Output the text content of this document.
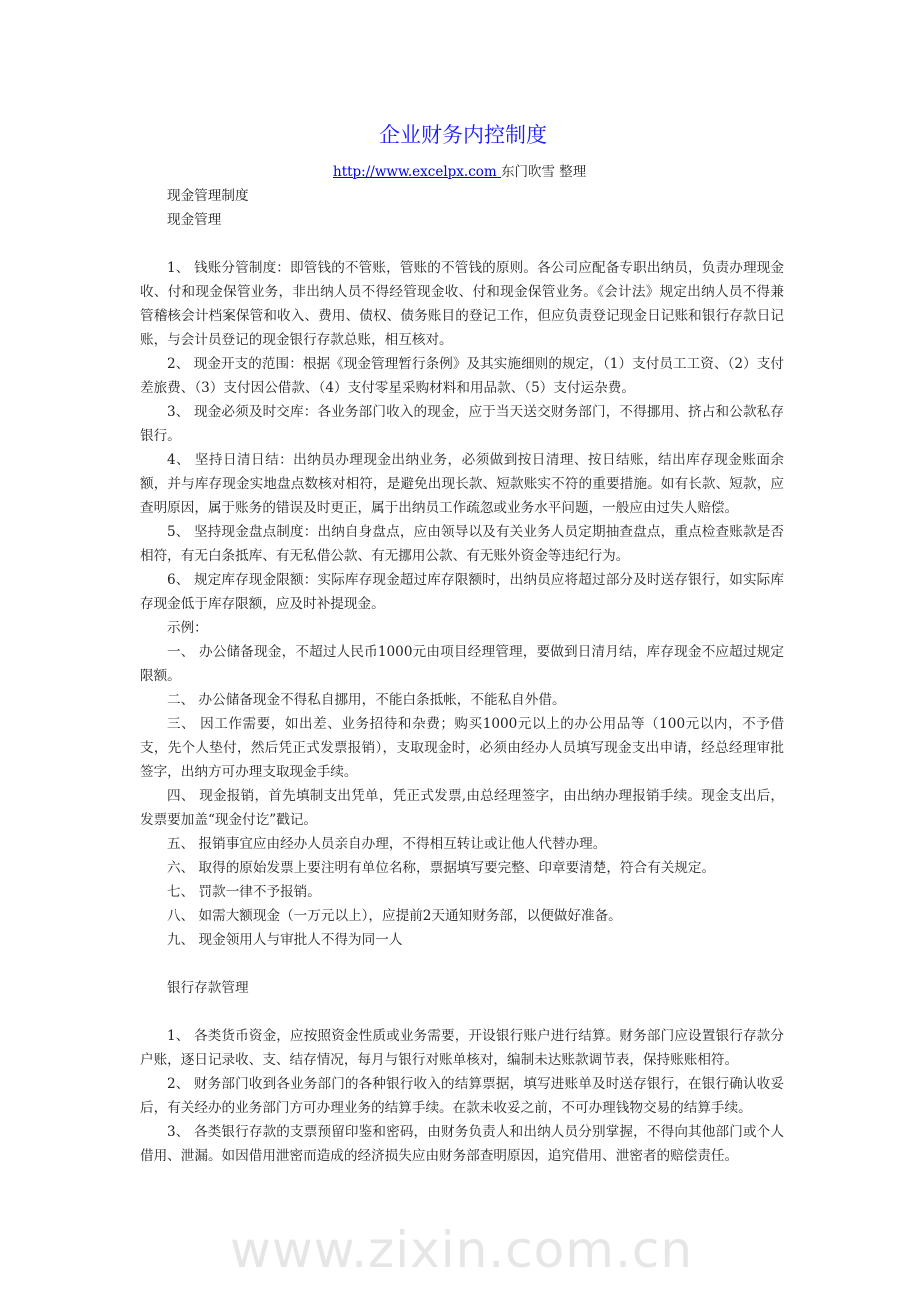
企业财务内控制度
http://www.excelpx.com 东门吹雪 整理

现金管理制度

现金管理

1、 钱账分管制度：即管钱的不管账，管账的不管钱的原则。各公司应配备专职出纳员，负责办理现金收、付和现金保管业务，非出纳人员不得经管现金收、付和现金保管业务。《会计法》规定出纳人员不得兼管稽核会计档案保管和收入、费用、债权、债务账目的登记工作，但应负责登记现金日记账和银行存款日记账，与会计员登记的现金银行存款总账，相互核对。

2、 现金开支的范围：根据《现金管理暂行条例》及其实施细则的规定，（1）支付员工工资、（2）支付差旅费、（3）支付因公借款、（4）支付零星采购材料和用品款、（5）支付运杂费。

3、 现金必须及时交库：各业务部门收入的现金，应于当天送交财务部门，不得挪用、挤占和公款私存银行。

4、 坚持日清日结：出纳员办理现金出纳业务，必须做到按日清理、按日结账，结出库存现金账面余额，并与库存现金实地盘点数核对相符，是避免出现长款、短款账实不符的重要措施。如有长款、短款，应查明原因，属于账务的错误及时更正，属于出纳员工作疏忽或业务水平问题，一般应由过失人赔偿。

5、 坚持现金盘点制度：出纳自身盘点，应由领导以及有关业务人员定期抽查盘点，重点检查账款是否相符，有无白条抵库、有无私借公款、有无挪用公款、有无账外资金等违纪行为。

6、 规定库存现金限额：实际库存现金超过库存限额时，出纳员应将超过部分及时送存银行，如实际库存现金低于库存限额，应及时补提现金。

示例：

一、 办公储备现金，不超过人民币1000元由项目经理管理，要做到日清月结，库存现金不应超过规定限额。

二、 办公储备现金不得私自挪用，不能白条抵帐，不能私自外借。

三、 因工作需要，如出差、业务招待和杂费；购买1000元以上的办公用品等（100元以内，不予借支，先个人垫付，然后凭正式发票报销），支取现金时，必须由经办人员填写现金支出申请，经总经理审批签字，出纳方可办理支取现金手续。

四、 现金报销，首先填制支出凭单，凭正式发票,由总经理签字，由出纳办理报销手续。现金支出后，发票要加盖“现金付讫”戳记。

五、 报销事宜应由经办人员亲自办理，不得相互转让或让他人代替办理。

六、 取得的原始发票上要注明有单位名称，票据填写要完整、印章要清楚，符合有关规定。

七、 罚款一律不予报销。

八、 如需大额现金（一万元以上），应提前2天通知财务部，以便做好准备。

九、 现金领用人与审批人不得为同一人

银行存款管理

1、 各类货币资金，应按照资金性质或业务需要，开设银行账户进行结算。财务部门应设置银行存款分户账，逐日记录收、支、结存情况，每月与银行对账单核对，编制未达账款调节表，保持账账相符。

2、 财务部门收到各业务部门的各种银行收入的结算票据，填写进账单及时送存银行，在银行确认收妥后，有关经办的业务部门方可办理业务的结算手续。在款未收妥之前，不可办理钱物交易的结算手续。

3、 各类银行存款的支票预留印鉴和密码，由财务负责人和出纳人员分别掌握，不得向其他部门或个人借用、泄漏。如因借用泄密而造成的经济损失应由财务部查明原因，追究借用、泄密者的赔偿责任。

www.zixin.com.cn
